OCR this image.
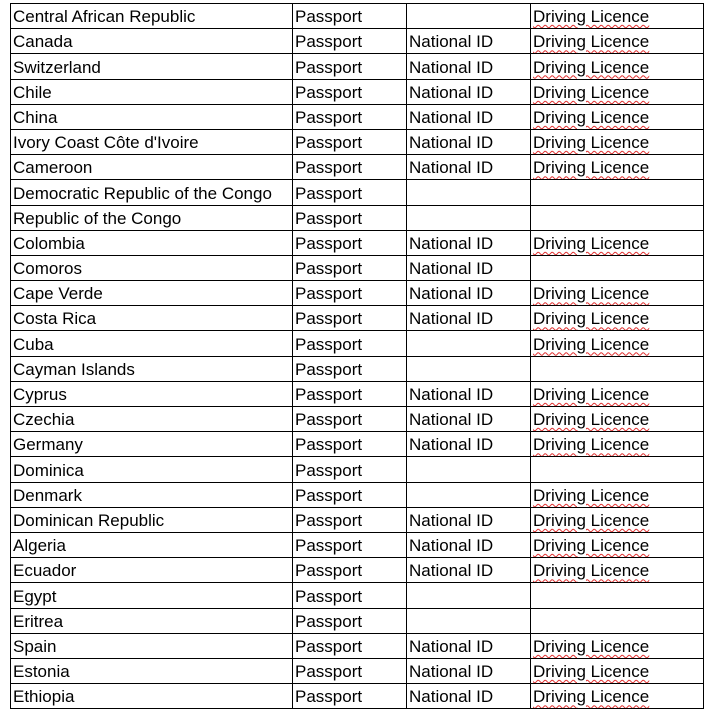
Central African Republic	Passport		Driving Licence
Canada	Passport	National ID	Driving Licence
Switzerland	Passport	National ID	Driving Licence
Chile	Passport	National ID	Driving Licence
China	Passport	National ID	Driving Licence
Ivory Coast Côte d'Ivoire	Passport	National ID	Driving Licence
Cameroon	Passport	National ID	Driving Licence
Democratic Republic of the Congo	Passport		
Republic of the Congo	Passport		
Colombia	Passport	National ID	Driving Licence
Comoros	Passport	National ID	
Cape Verde	Passport	National ID	Driving Licence
Costa Rica	Passport	National ID	Driving Licence
Cuba	Passport		Driving Licence
Cayman Islands	Passport		
Cyprus	Passport	National ID	Driving Licence
Czechia	Passport	National ID	Driving Licence
Germany	Passport	National ID	Driving Licence
Dominica	Passport		
Denmark	Passport		Driving Licence
Dominican Republic	Passport	National ID	Driving Licence
Algeria	Passport	National ID	Driving Licence
Ecuador	Passport	National ID	Driving Licence
Egypt	Passport		
Eritrea	Passport		
Spain	Passport	National ID	Driving Licence
Estonia	Passport	National ID	Driving Licence
Ethiopia	Passport	National ID	Driving Licence
